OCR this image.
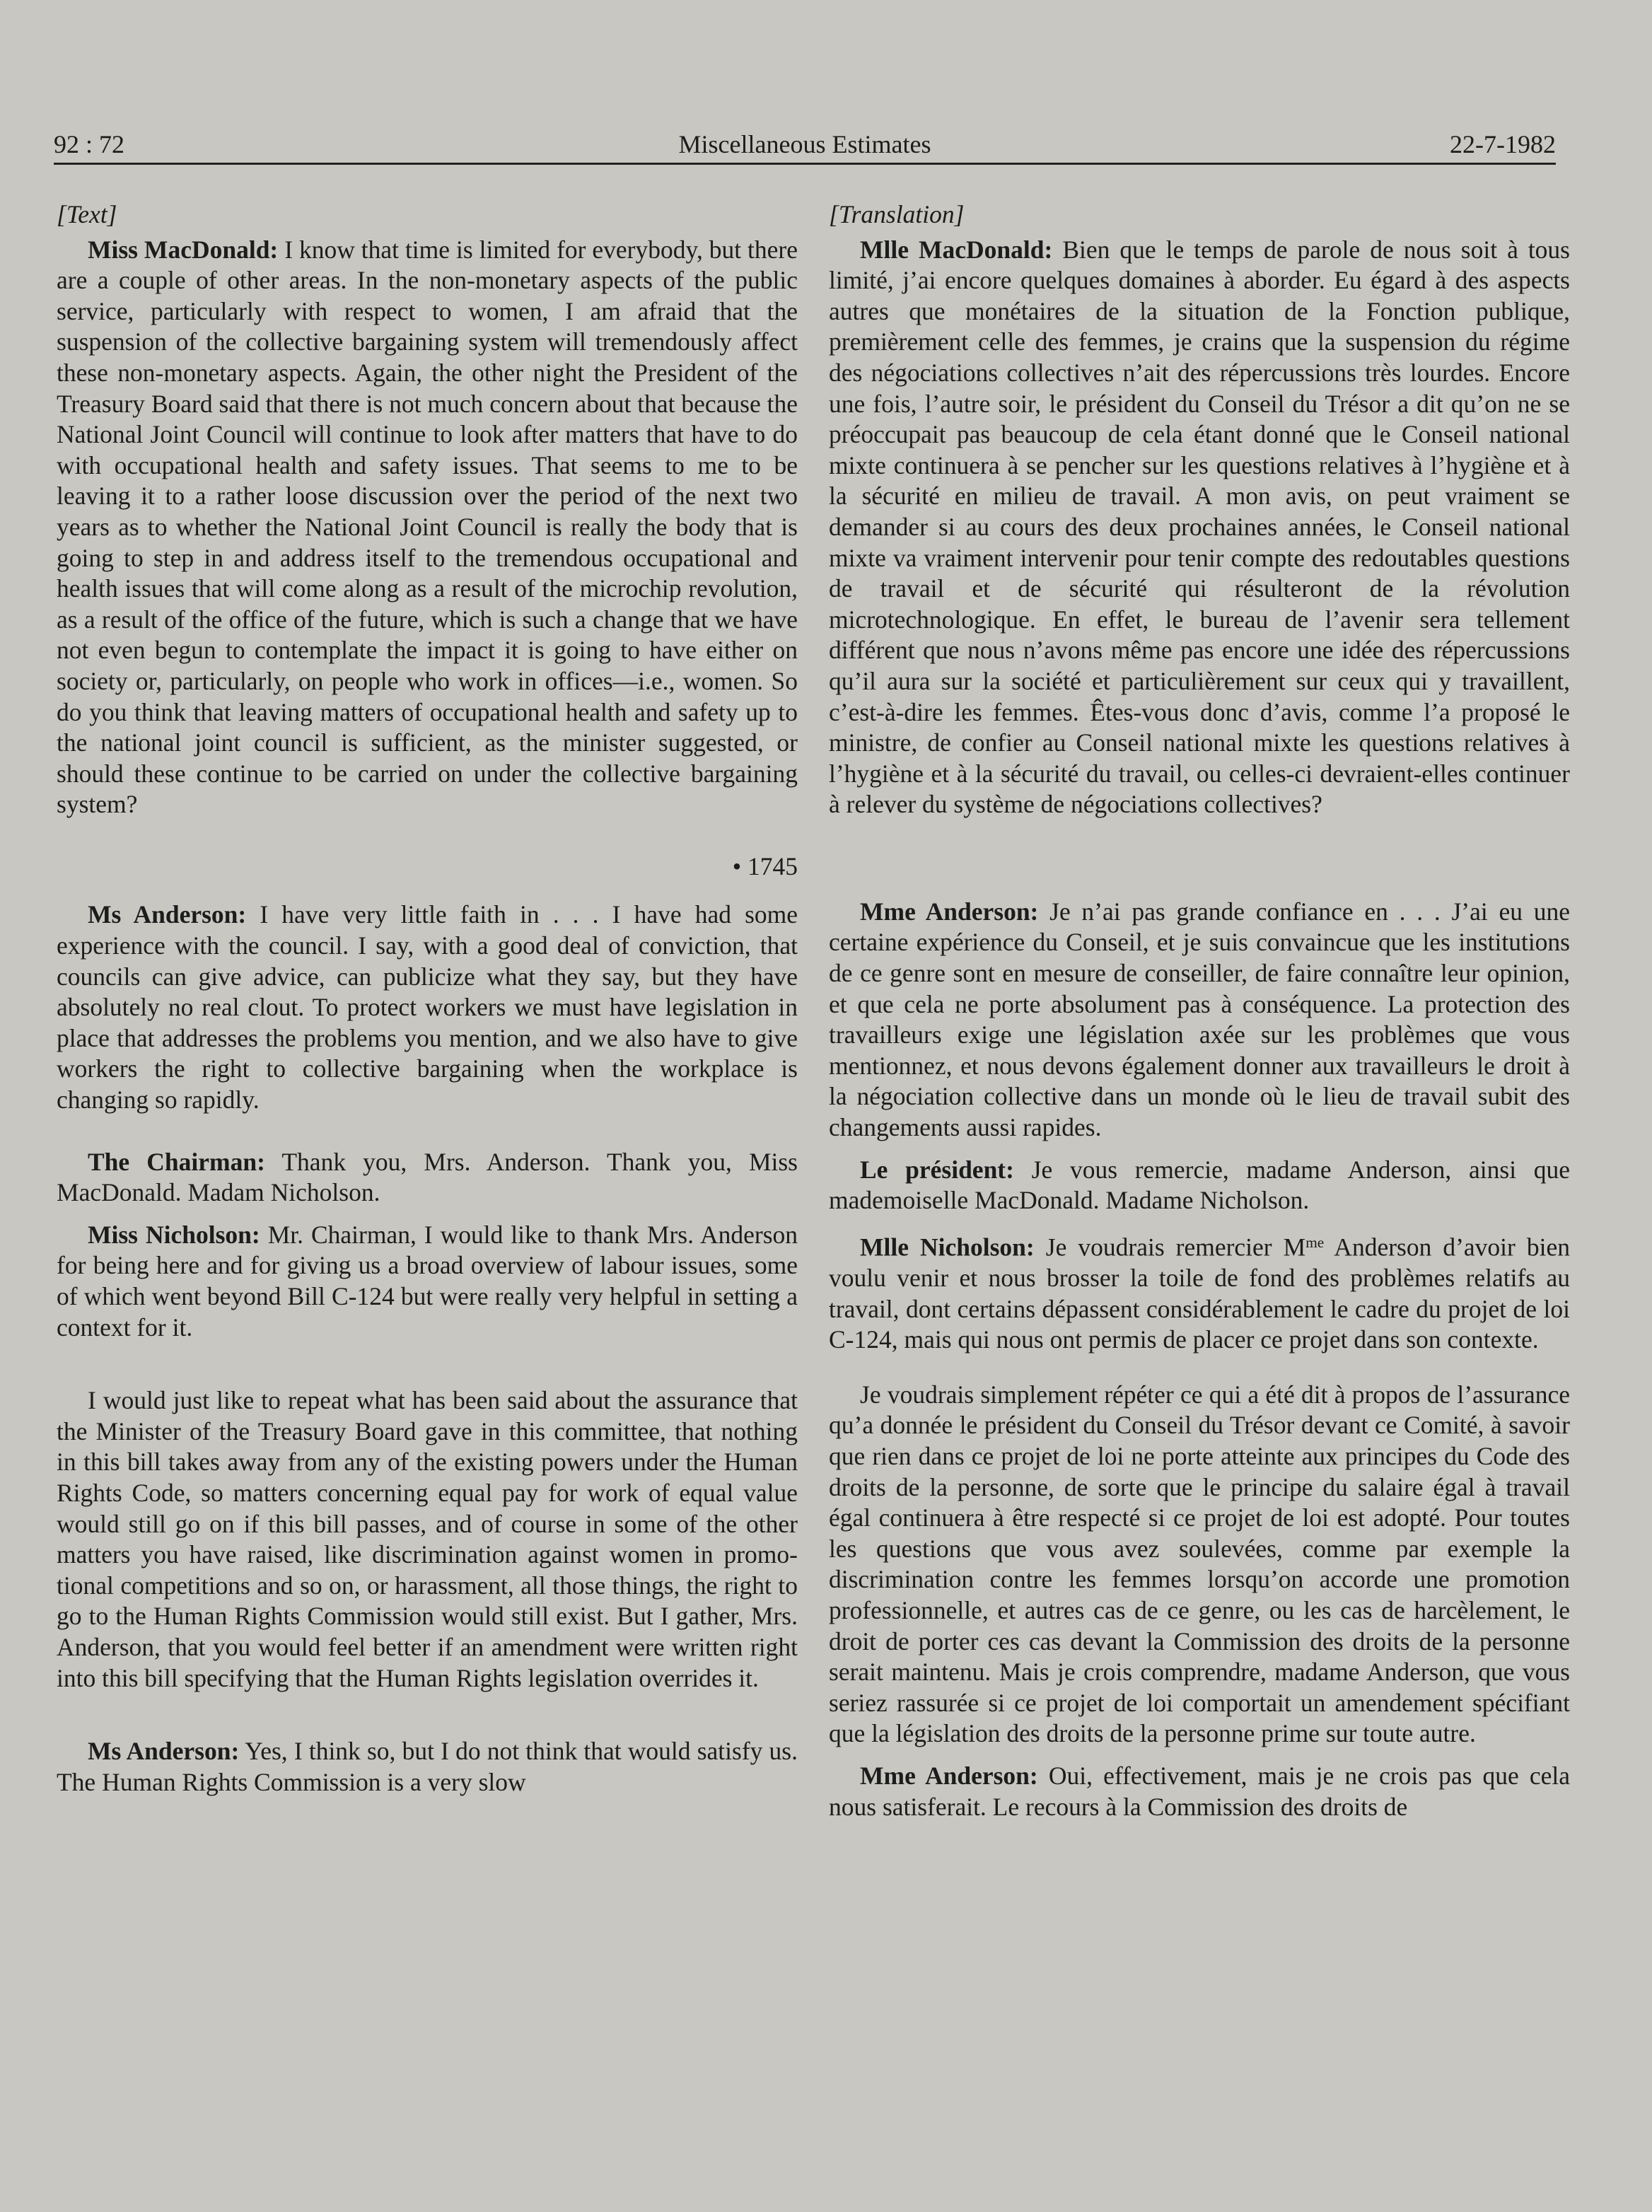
92 : 72	Miscellaneous Estimates	22-7-1982
[Text]

Miss MacDonald: I know that time is limited for everybody, but there are a couple of other areas. In the non-monetary aspects of the public service, particularly with respect to women, I am afraid that the suspension of the collective bargaining system will tremendously affect these non-monetary aspects. Again, the other night the President of the Treasury Board said that there is not much concern about that because the National Joint Council will continue to look after matters that have to do with occupational health and safety issues. That seems to me to be leaving it to a rather loose discussion over the period of the next two years as to whether the National Joint Council is really the body that is going to step in and address itself to the tremendous occupational and health issues that will come along as a result of the microchip revolution, as a result of the office of the future, which is such a change that we have not even begun to contemplate the impact it is going to have either on society or, particularly, on people who work in offices—i.e., women. So do you think that leaving matters of occupational health and safety up to the national joint council is sufficient, as the minister suggested, or should these continue to be carried on under the collective bargaining system?

• 1745

Ms Anderson: I have very little faith in . . . I have had some experience with the council. I say, with a good deal of conviction, that councils can give advice, can publicize what they say, but they have absolutely no real clout. To protect workers we must have legislation in place that addresses the problems you mention, and we also have to give workers the right to collective bargaining when the workplace is changing so rapidly.

The Chairman: Thank you, Mrs. Anderson. Thank you, Miss MacDonald. Madam Nicholson.

Miss Nicholson: Mr. Chairman, I would like to thank Mrs. Anderson for being here and for giving us a broad overview of labour issues, some of which went beyond Bill C-124 but were really very helpful in setting a context for it.

I would just like to repeat what has been said about the assurance that the Minister of the Treasury Board gave in this committee, that nothing in this bill takes away from any of the existing powers under the Human Rights Code, so matters concerning equal pay for work of equal value would still go on if this bill passes, and of course in some of the other matters you have raised, like discrimination against women in promotional competitions and so on, or harassment, all those things, the right to go to the Human Rights Commission would still exist. But I gather, Mrs. Anderson, that you would feel better if an amendment were written right into this bill specifying that the Human Rights legislation overrides it.

Ms Anderson: Yes, I think so, but I do not think that would satisfy us. The Human Rights Commission is a very slow

[Translation]

Mlle MacDonald: Bien que le temps de parole de nous soit à tous limité, j’ai encore quelques domaines à aborder. Eu égard à des aspects autres que monétaires de la situation de la Fonction publique, premièrement celle des femmes, je crains que la suspension du régime des négociations collectives n’ait des répercussions très lourdes. Encore une fois, l’autre soir, le président du Conseil du Trésor a dit qu’on ne se préoccupait pas beaucoup de cela étant donné que le Conseil national mixte continuera à se pencher sur les questions relatives à l’hygiène et à la sécurité en milieu de travail. A mon avis, on peut vraiment se demander si au cours des deux prochaines années, le Conseil national mixte va vraiment intervenir pour tenir compte des redoutables questions de travail et de sécurité qui résulteront de la révolution microtechnologique. En effet, le bureau de l’avenir sera tellement différent que nous n’avons même pas encore une idée des répercussions qu’il aura sur la société et particulièrement sur ceux qui y travaillent, c’est-à-dire les femmes. Êtes-vous donc d’avis, comme l’a proposé le ministre, de confier au Conseil national mixte les questions relatives à l’hygiène et à la sécurité du travail, ou celles-ci devraient-elles continuer à relever du système de négociations collectives?

Mme Anderson: Je n’ai pas grande confiance en . . . J’ai eu une certaine expérience du Conseil, et je suis convaincue que les institutions de ce genre sont en mesure de conseiller, de faire connaître leur opinion, et que cela ne porte absolument pas à conséquence. La protection des travailleurs exige une législation axée sur les problèmes que vous mentionnez, et nous devons également donner aux travailleurs le droit à la négociation collective dans un monde où le lieu de travail subit des changements aussi rapides.

Le président: Je vous remercie, madame Anderson, ainsi que mademoiselle MacDonald. Madame Nicholson.

Mlle Nicholson: Je voudrais remercier $M^{me}$ Anderson d’avoir bien voulu venir et nous brosser la toile de fond des problèmes relatifs au travail, dont certains dépassent considérablement le cadre du projet de loi C-124, mais qui nous ont permis de placer ce projet dans son contexte.

Je voudrais simplement répéter ce qui a été dit à propos de l’assurance qu’a donnée le président du Conseil du Trésor devant ce Comité, à savoir que rien dans ce projet de loi ne porte atteinte aux principes du Code des droits de la personne, de sorte que le principe du salaire égal à travail égal continuera à être respecté si ce projet de loi est adopté. Pour toutes les questions que vous avez soulevées, comme par exemple la discrimination contre les femmes lorsqu’on accorde une promotion professionnelle, et autres cas de ce genre, ou les cas de harcèlement, le droit de porter ces cas devant la Commission des droits de la personne serait maintenu. Mais je crois comprendre, madame Anderson, que vous seriez rassurée si ce projet de loi comportait un amendement spécifiant que la législation des droits de la personne prime sur toute autre.

Mme Anderson: Oui, effectivement, mais je ne crois pas que cela nous satisferait. Le recours à la Commission des droits de
